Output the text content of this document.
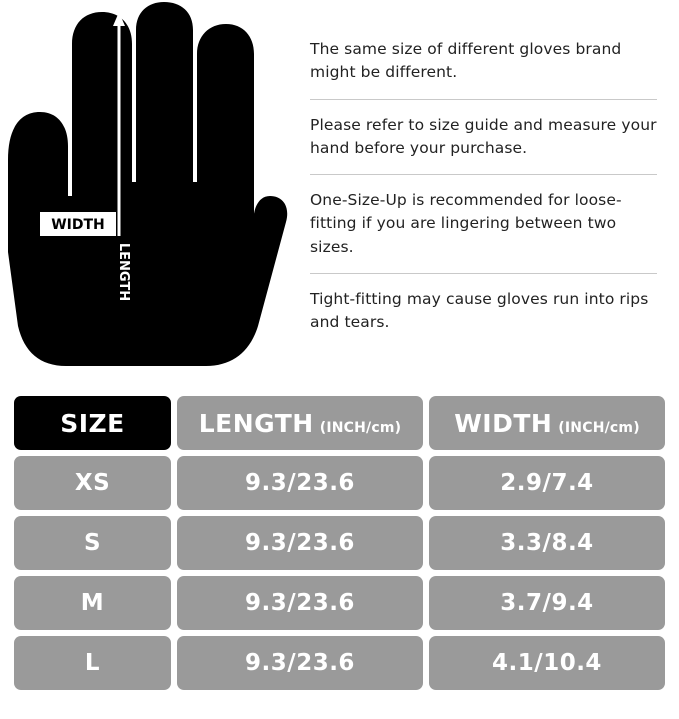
WIDTH
LENGTH

The same size of different gloves brand might be different.

Please refer to size guide and measure your hand before your purchase.

One-Size-Up is recommended for loose-fitting if you are lingering between two sizes.

Tight-fitting may cause gloves run into rips and tears.

SIZE	LENGTH (INCH/cm) WIDTH (INCH/cm)
XS	9.3/23.6	2.9/7.4
S	9.3/23.6	3.3/8.4
M	9.3/23.6	3.7/9.4
L	9.3/23.6	4.1/10.4
